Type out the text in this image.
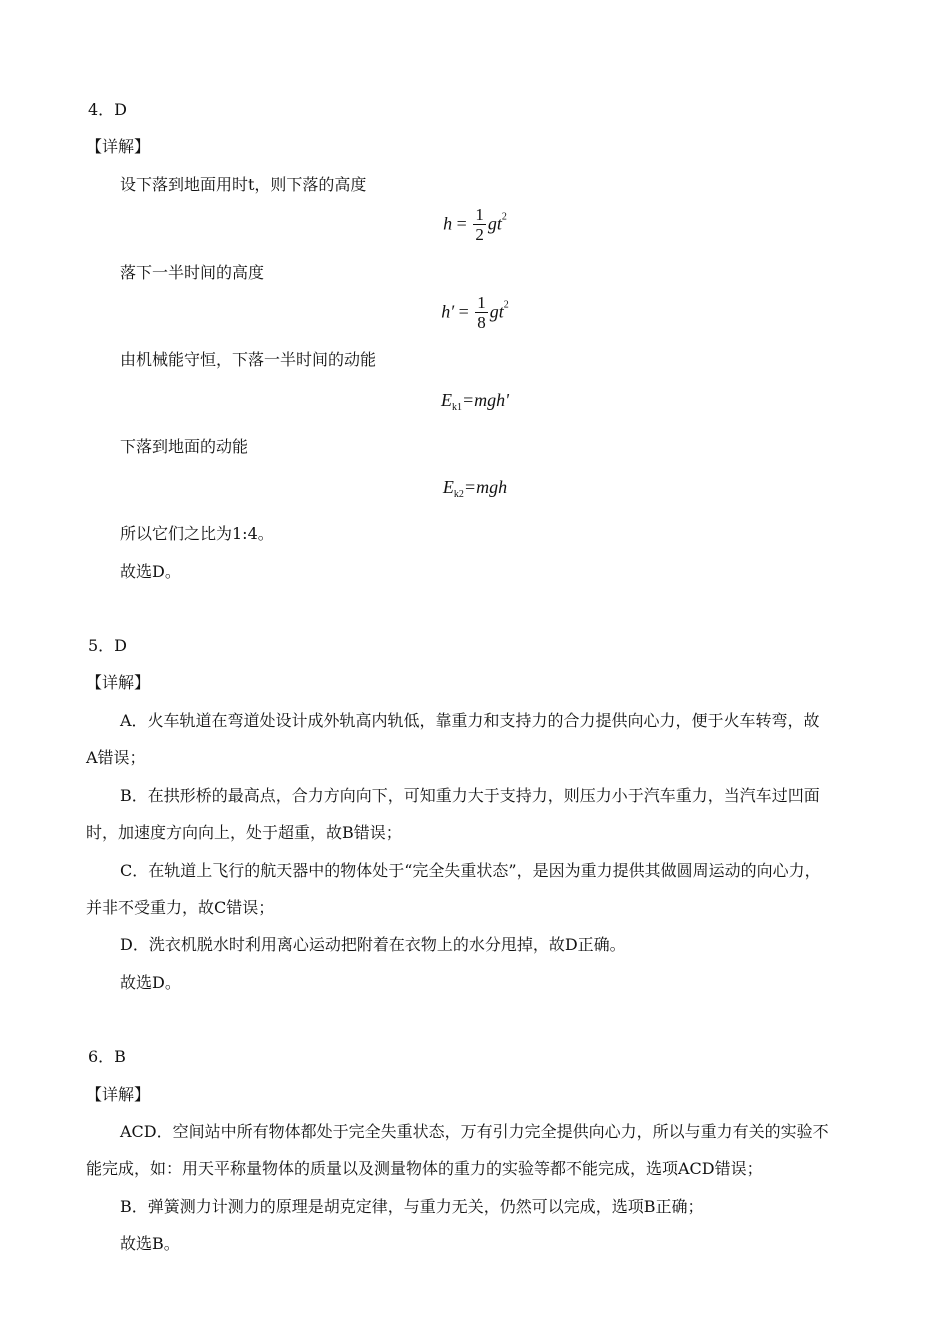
4．D
【详解】
设下落到地面用时t，则下落的高度
$h = \frac{1}{2} gt^2$
落下一半时间的高度
$h' = \frac{1}{8} gt^2$
由机械能守恒，下落一半时间的动能
$E_{k1}=mgh'$
下落到地面的动能
$E_{k2}=mgh$
所以它们之比为1:4。
故选D。
5．D
【详解】
A．火车轨道在弯道处设计成外轨高内轨低，靠重力和支持力的合力提供向心力，便于火车转弯，故
A错误；
B．在拱形桥的最高点，合力方向向下，可知重力大于支持力，则压力小于汽车重力，当汽车过凹面
时，加速度方向向上，处于超重，故B错误；
C．在轨道上飞行的航天器中的物体处于“完全失重状态”，是因为重力提供其做圆周运动的向心力，
并非不受重力，故C错误；
D．洗衣机脱水时利用离心运动把附着在衣物上的水分甩掉，故D正确。
故选D。
6．B
【详解】
ACD．空间站中所有物体都处于完全失重状态，万有引力完全提供向心力，所以与重力有关的实验不
能完成，如：用天平称量物体的质量以及测量物体的重力的实验等都不能完成，选项ACD错误；
B．弹簧测力计测力的原理是胡克定律，与重力无关，仍然可以完成，选项B正确；
故选B。
